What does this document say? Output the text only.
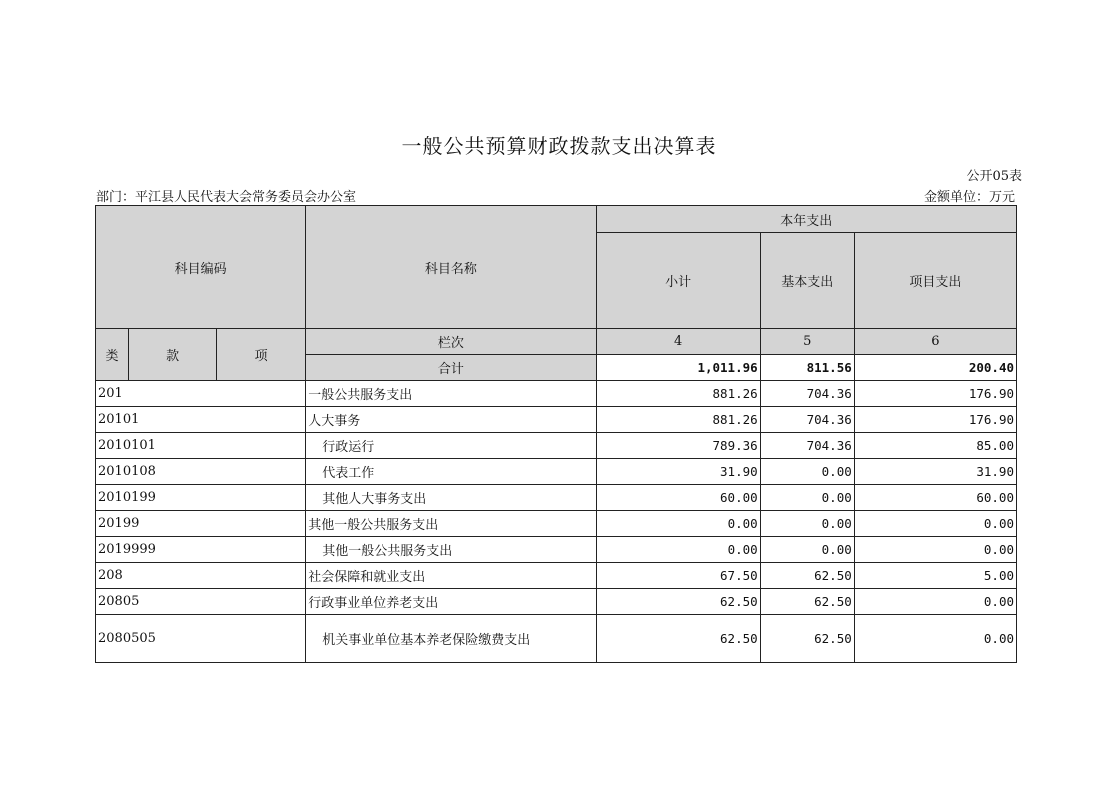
一般公共预算财政拨款支出决算表
公开05表
部门：平江县人民代表大会常务委员会办公室	金额单位：万元
科目编码			科目名称	本年支出		
				小计	基本支出	项目支出
类	款	项	栏次	4	5	6
			合计	1,011.96	811.56	200.40
201			一般公共服务支出	881.26	704.36	176.90
20101			人大事务	881.26	704.36	176.90
2010101			行政运行	789.36	704.36	85.00
2010108			代表工作	31.90	0.00	31.90
2010199			其他人大事务支出	60.00	0.00	60.00
20199			其他一般公共服务支出	0.00	0.00	0.00
2019999			其他一般公共服务支出	0.00	0.00	0.00
208			社会保障和就业支出	67.50	62.50	5.00
20805			行政事业单位养老支出	62.50	62.50	0.00
2080505			机关事业单位基本养老保险缴费支出	62.50	62.50	0.00
